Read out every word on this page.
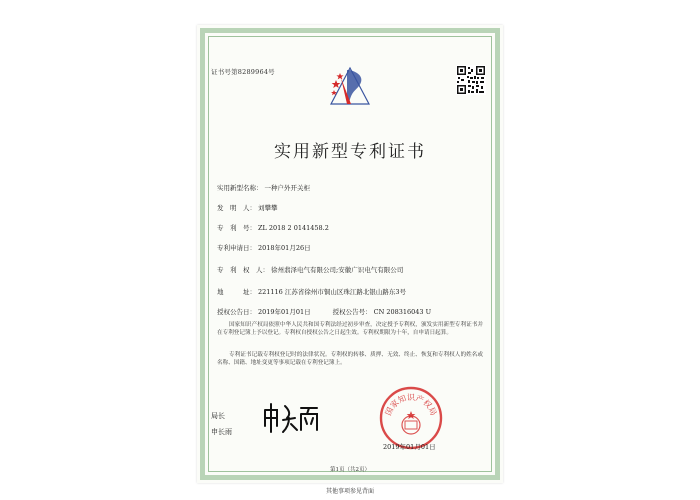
证书号第8289964号
实用新型专利证书
实用新型名称： 一种户外开关柜
发　明　人： 刘攀攀
专　利　号： ZL 2018 2 0141458.2
专利申请日： 2018年01月26日
专　利　权　人： 徐州翡泽电气有限公司;安徽广识电气有限公司
地　　　址： 221116 江苏省徐州市铜山区珠江路北银山路东3号
授权公告日： 2019年01月01日	授权公告号： CN 208316043 U
国家知识产权局依照中华人民共和国专利法经过初步审查，决定授予专利权，颁发实用新型专利证书并在专利登记簿上予以登记。专利权自授权公告之日起生效。专利权期限为十年，自申请日起算。
专利证书记载专利权登记时的法律状况。专利权的转移、质押、无效、终止、恢复和专利权人的姓名或名称、国籍、地址变更等事项记载在专利登记簿上。
局长
申长雨
国家知识产权局
2019年01月01日
第1页（共2页）
其他事项参见背面
